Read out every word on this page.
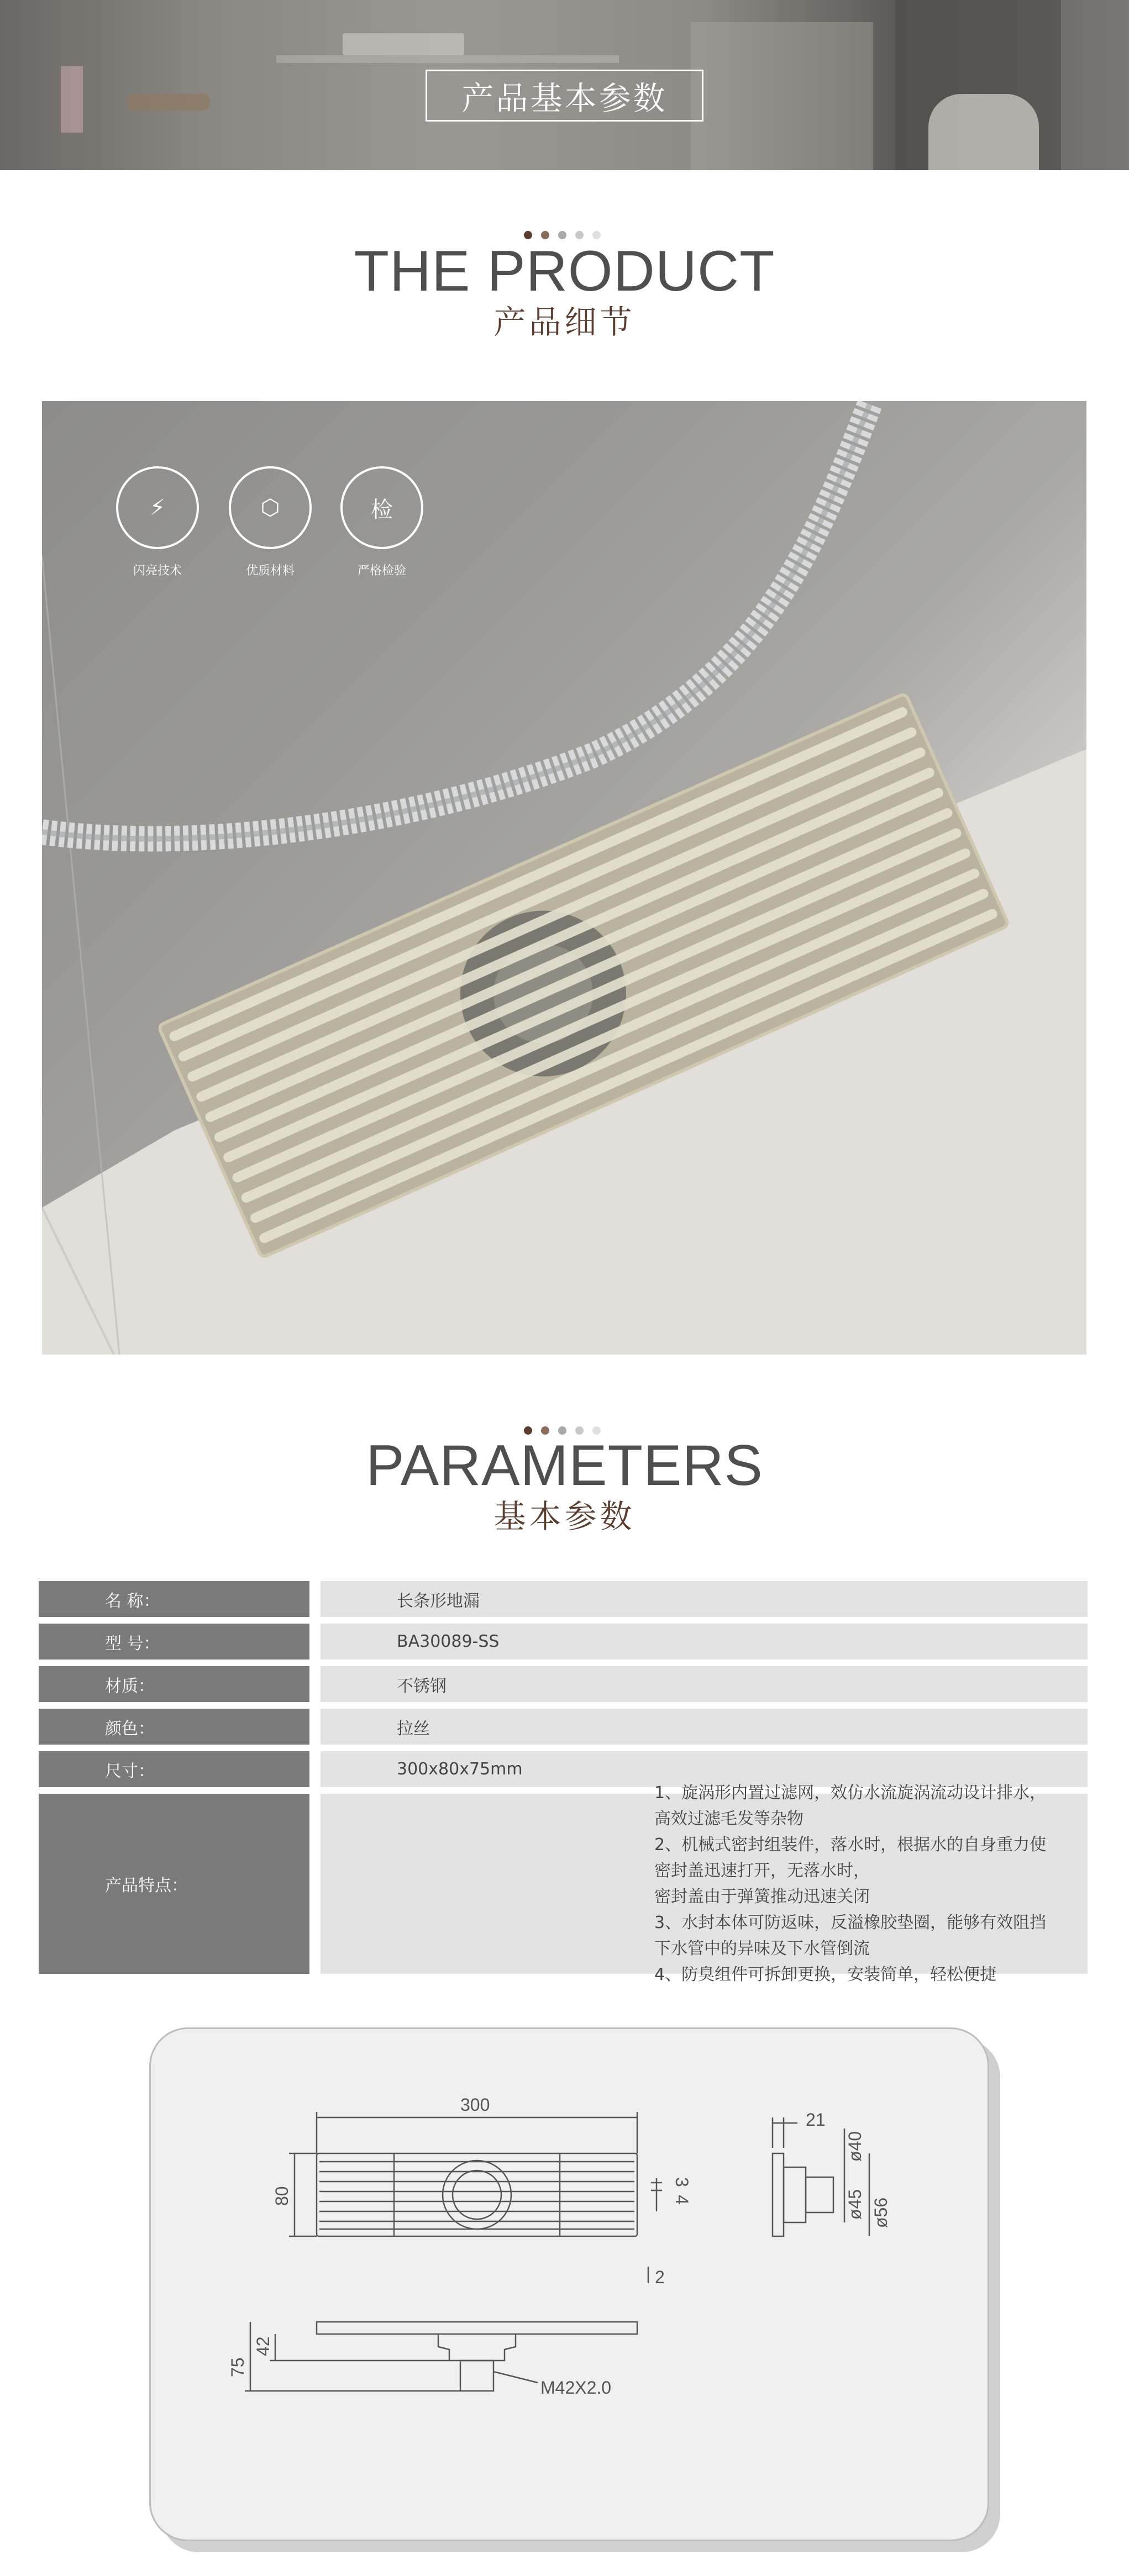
产品基本参数
THE PRODUCT
产品细节
⚡
闪亮技术
⬡
优质材料
检
严格检验
PARAMETERS
基本参数
名 称：	长条形地漏
型 号：	BA30089-SS
材质：	不锈钢
颜色：	拉丝
尺寸：	300x80x75mm
产品特点：
1、旋涡形内置过滤网，效仿水流旋涡流动设计排水，高效过滤毛发等杂物
2、机械式密封组装件，落水时，根据水的自身重力使密封盖迅速打开，无落水时，
密封盖由于弹簧推动迅速关闭
3、水封本体可防返味，反溢橡胶垫圈，能够有效阻挡下水管中的异味及下水管倒流
4、防臭组件可拆卸更换，安装简单，轻松便捷
300
80
3
4
2
75
42
M42X2.0
21
ø40
ø45 ø56
